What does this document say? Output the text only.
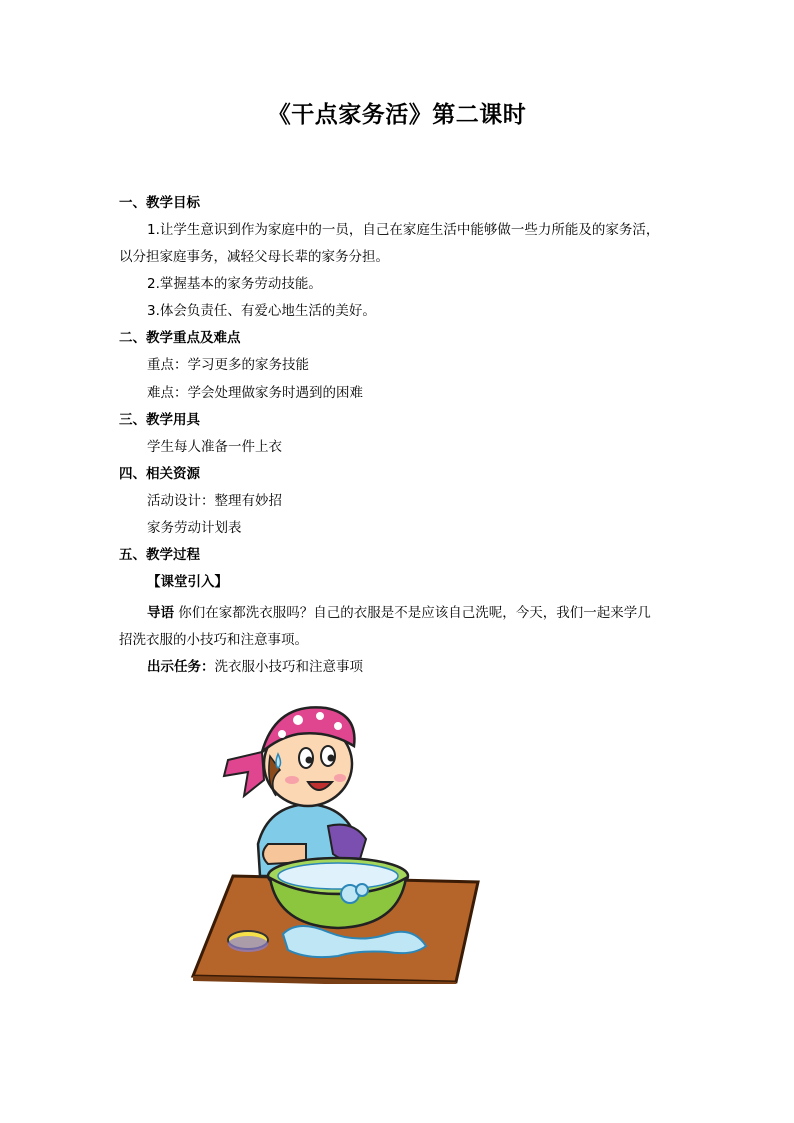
《干点家务活》第二课时
一、教学目标
1.让学生意识到作为家庭中的一员，自己在家庭生活中能够做一些力所能及的家务活，
以分担家庭事务，减轻父母长辈的家务分担。
2.掌握基本的家务劳动技能。
3.体会负责任、有爱心地生活的美好。
二、教学重点及难点
重点：学习更多的家务技能
难点：学会处理做家务时遇到的困难
三、教学用具
学生每人准备一件上衣
四、相关资源
活动设计：整理有妙招
家务劳动计划表
五、教学过程
【课堂引入】
导语 你们在家都洗衣服吗？自己的衣服是不是应该自己洗呢，今天，我们一起来学几
招洗衣服的小技巧和注意事项。
出示任务：洗衣服小技巧和注意事项
